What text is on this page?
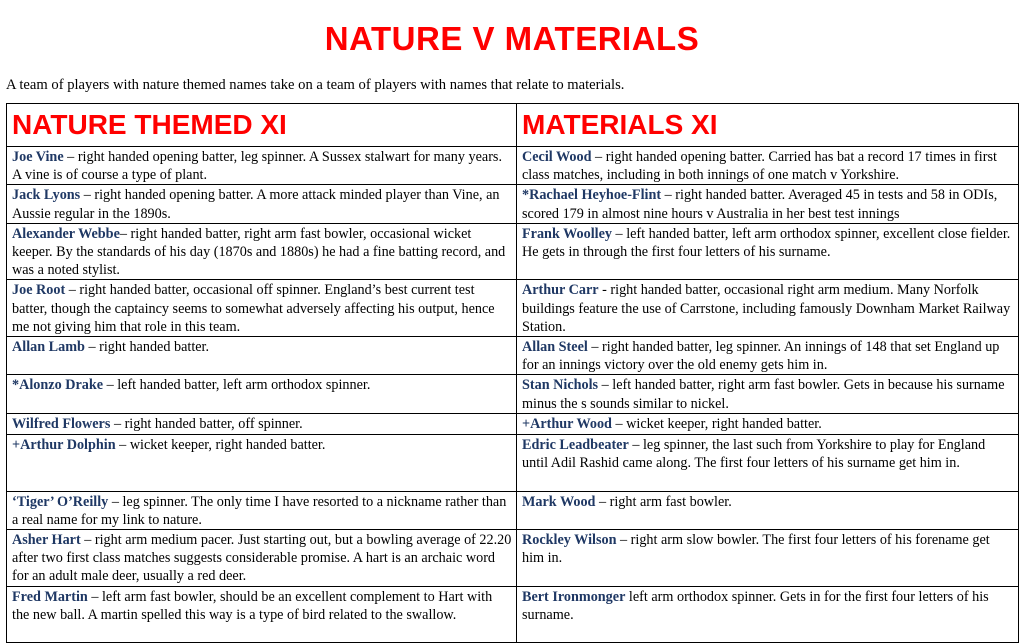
NATURE V MATERIALS
A team of players with nature themed names take on a team of players with names that relate to materials.
NATURE THEMED XI	MATERIALS XI
Joe Vine – right handed opening batter, leg spinner. A Sussex stalwart for many years. A vine is of course a type of plant.	Cecil Wood – right handed opening batter. Carried has bat a record 17 times in first class matches, including in both innings of one match v Yorkshire.
Jack Lyons – right handed opening batter. A more attack minded player than Vine, an Aussie regular in the 1890s.	*Rachael Heyhoe-Flint – right handed batter. Averaged 45 in tests and 58 in ODIs, scored 179 in almost nine hours v Australia in her best test innings
Alexander Webbe– right handed batter, right arm fast bowler, occasional wicket keeper. By the standards of his day (1870s and 1880s) he had a fine batting record, and was a noted stylist.	Frank Woolley – left handed batter, left arm orthodox spinner, excellent close fielder. He gets in through the first four letters of his surname.
Joe Root – right handed batter, occasional off spinner. England’s best current test batter, though the captaincy seems to somewhat adversely affecting his output, hence me not giving him that role in this team.	Arthur Carr - right handed batter, occasional right arm medium. Many Norfolk buildings feature the use of Carrstone, including famously Downham Market Railway Station.
Allan Lamb – right handed batter.	Allan Steel – right handed batter, leg spinner. An innings of 148 that set England up for an innings victory over the old enemy gets him in.
*Alonzo Drake – left handed batter, left arm orthodox spinner.	Stan Nichols – left handed batter, right arm fast bowler. Gets in because his surname minus the s sounds similar to nickel.
Wilfred Flowers – right handed batter, off spinner.	+Arthur Wood – wicket keeper, right handed batter.
+Arthur Dolphin – wicket keeper, right handed batter.	Edric Leadbeater – leg spinner, the last such from Yorkshire to play for England until Adil Rashid came along. The first four letters of his surname get him in.
‘Tiger’ O’Reilly – leg spinner. The only time I have resorted to a nickname rather than a real name for my link to nature.	Mark Wood – right arm fast bowler.
Asher Hart – right arm medium pacer. Just starting out, but a bowling average of 22.20 after two first class matches suggests considerable promise. A hart is an archaic word for an adult male deer, usually a red deer.	Rockley Wilson – right arm slow bowler. The first four letters of his forename get him in.
Fred Martin – left arm fast bowler, should be an excellent complement to Hart with the new ball. A martin spelled this way is a type of bird related to the swallow.	Bert Ironmonger left arm orthodox spinner. Gets in for the first four letters of his surname.
